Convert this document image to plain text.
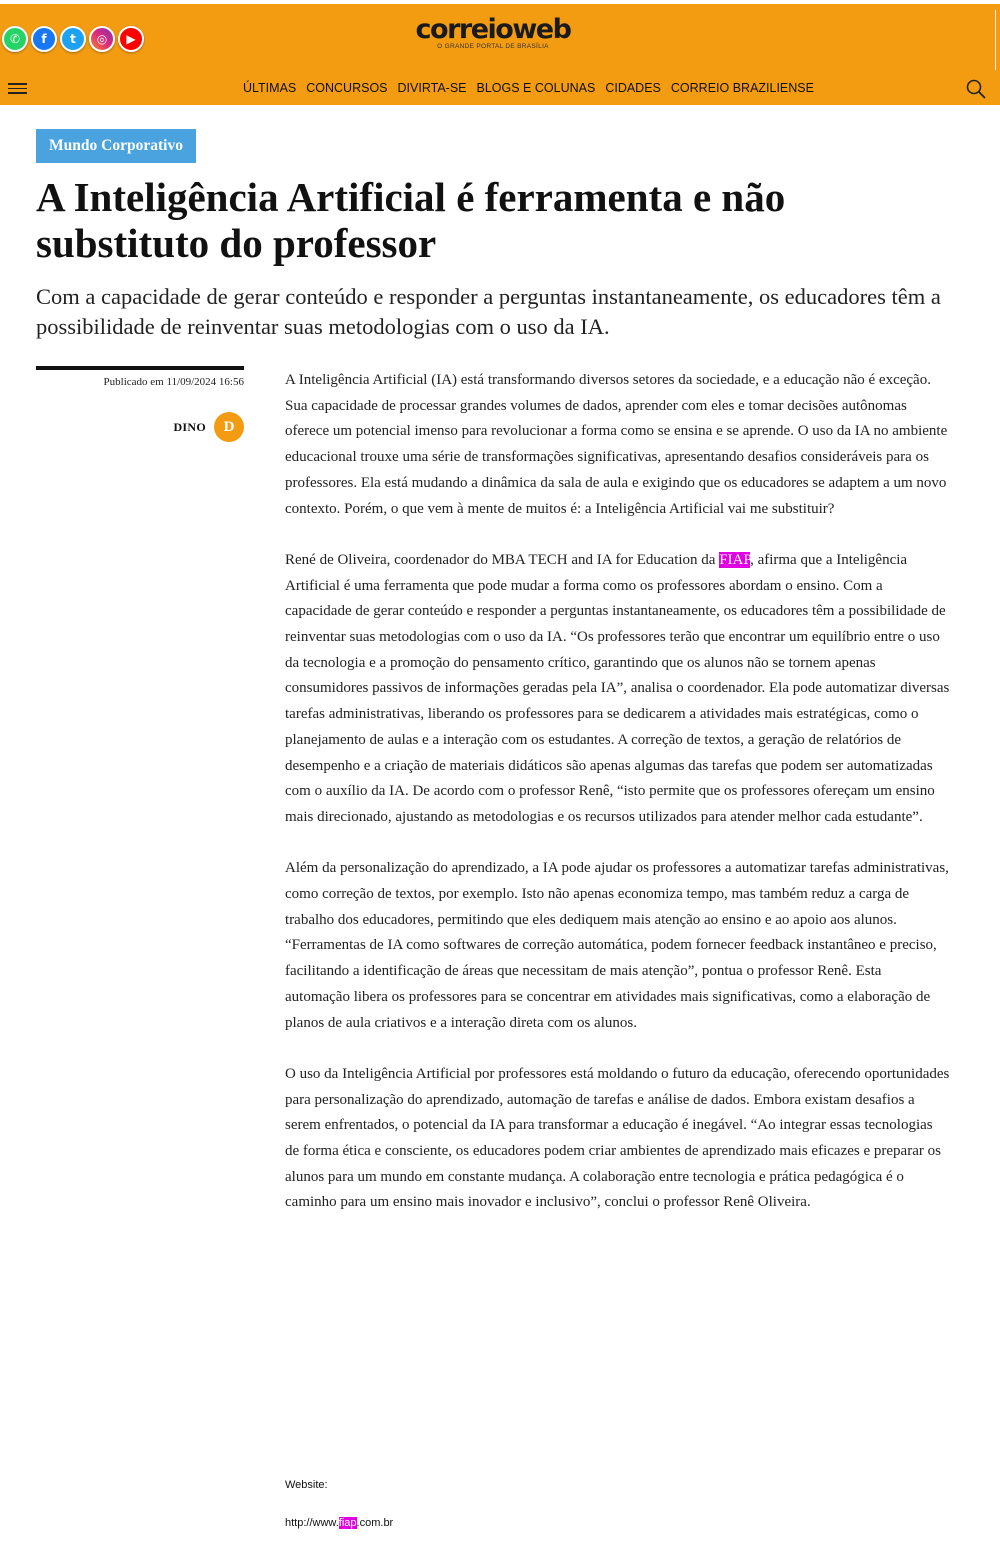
✆	f	t	◎	▶	correioweb
O GRANDE PORTAL DE BRASÍLIA
ÚLTIMAS CONCURSOS DIVIRTA-SE BLOGS E COLUNAS CIDADES CORREIO BRAZILIENSE
Mundo Corporativo
A Inteligência Artificial é ferramenta e não substituto do professor
Com a capacidade de gerar conteúdo e responder a perguntas instantaneamente, os educadores têm a possibilidade de reinventar suas metodologias com o uso da IA.
Publicado em 11/09/2024 16:56
DINO	D

A Inteligência Artificial (IA) está transformando diversos setores da sociedade, e a educação não é exceção. Sua capacidade de processar grandes volumes de dados, aprender com eles e tomar decisões autônomas oferece um potencial imenso para revolucionar a forma como se ensina e se aprende. O uso da IA no ambiente educacional trouxe uma série de transformações significativas, apresentando desafios consideráveis para os professores. Ela está mudando a dinâmica da sala de aula e exigindo que os educadores se adaptem a um novo contexto. Porém, o que vem à mente de muitos é: a Inteligência Artificial vai me substituir?

René de Oliveira, coordenador do MBA TECH and IA for Education da FIAP, afirma que a Inteligência Artificial é uma ferramenta que pode mudar a forma como os professores abordam o ensino. Com a capacidade de gerar conteúdo e responder a perguntas instantaneamente, os educadores têm a possibilidade de reinventar suas metodologias com o uso da IA. “Os professores terão que encontrar um equilíbrio entre o uso da tecnologia e a promoção do pensamento crítico, garantindo que os alunos não se tornem apenas consumidores passivos de informações geradas pela IA”, analisa o coordenador. Ela pode automatizar diversas tarefas administrativas, liberando os professores para se dedicarem a atividades mais estratégicas, como o planejamento de aulas e a interação com os estudantes. A correção de textos, a geração de relatórios de desempenho e a criação de materiais didáticos são apenas algumas das tarefas que podem ser automatizadas com o auxílio da IA. De acordo com o professor Renê, “isto permite que os professores ofereçam um ensino mais direcionado, ajustando as metodologias e os recursos utilizados para atender melhor cada estudante”.

Além da personalização do aprendizado, a IA pode ajudar os professores a automatizar tarefas administrativas, como correção de textos, por exemplo. Isto não apenas economiza tempo, mas também reduz a carga de trabalho dos educadores, permitindo que eles dediquem mais atenção ao ensino e ao apoio aos alunos. “Ferramentas de IA como softwares de correção automática, podem fornecer feedback instantâneo e preciso, facilitando a identificação de áreas que necessitam de mais atenção”, pontua o professor Renê. Esta automação libera os professores para se concentrar em atividades mais significativas, como a elaboração de planos de aula criativos e a interação direta com os alunos.

O uso da Inteligência Artificial por professores está moldando o futuro da educação, oferecendo oportunidades para personalização do aprendizado, automação de tarefas e análise de dados. Embora existam desafios a serem enfrentados, o potencial da IA para transformar a educação é inegável. “Ao integrar essas tecnologias de forma ética e consciente, os educadores podem criar ambientes de aprendizado mais eficazes e preparar os alunos para um mundo em constante mudança. A colaboração entre tecnologia e prática pedagógica é o caminho para um ensino mais inovador e inclusivo”, conclui o professor Renê Oliveira.

Website:
http://www.fiap.com.br
